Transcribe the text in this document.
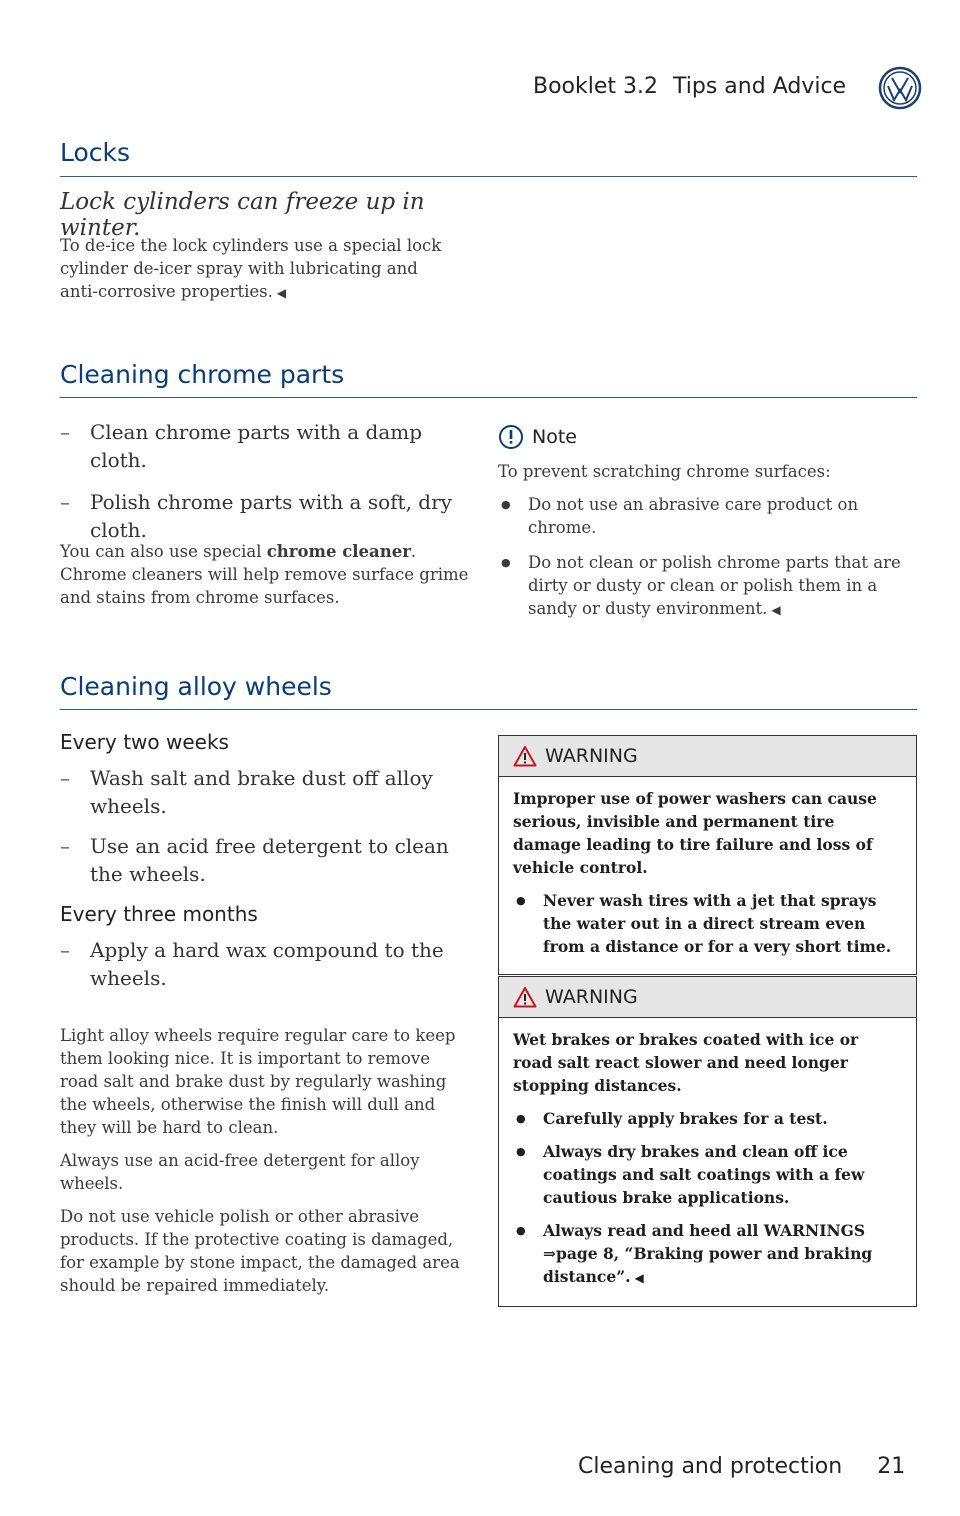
Booklet 3.2 Tips and Advice
Locks
Lock cylinders can freeze up in winter.
To de-ice the lock cylinders use a special lock cylinder de-icer spray with lubricating and anti-corrosive properties. ◀
Cleaning chrome parts
– Clean chrome parts with a damp cloth.
– Polish chrome parts with a soft, dry cloth.
You can also use special chrome cleaner. Chrome cleaners will help remove surface grime and stains from chrome surfaces.
Note
To prevent scratching chrome surfaces:
● Do not use an abrasive care product on chrome.
● Do not clean or polish chrome parts that are dirty or dusty or clean or polish them in a sandy or dusty environment. ◀
Cleaning alloy wheels
Every two weeks
– Wash salt and brake dust off alloy wheels.
– Use an acid free detergent to clean the wheels.
Every three months
– Apply a hard wax compound to the wheels.

Light alloy wheels require regular care to keep them looking nice. It is important to remove road salt and brake dust by regularly washing the wheels, otherwise the finish will dull and they will be hard to clean.

Always use an acid-free detergent for alloy wheels.

Do not use vehicle polish or other abrasive products. If the protective coating is damaged, for example by stone impact, the damaged area should be repaired immediately.

WARNING

Improper use of power washers can cause serious, invisible and permanent tire damage leading to tire failure and loss of vehicle control.

● Never wash tires with a jet that sprays the water out in a direct stream even from a distance or for a very short time.
WARNING

Wet brakes or brakes coated with ice or road salt react slower and need longer stopping distances.

● Carefully apply brakes for a test.
● Always dry brakes and clean off ice coatings and salt coatings with a few cautious brake applications.
● Always read and heed all WARNINGS ⇒page 8, “Braking power and braking distance”. ◀
Cleaning and protection 21
